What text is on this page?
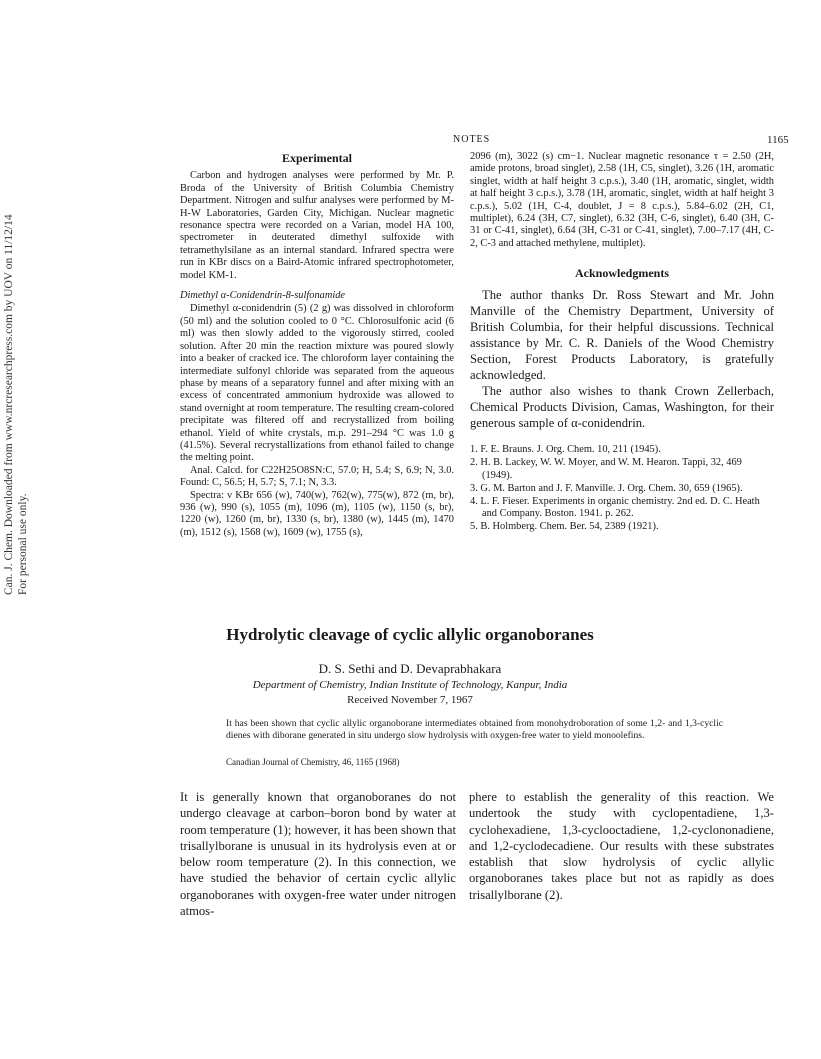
Can. J. Chem. Downloaded from www.nrcresearchpress.com by UOV on 11/12/14 For personal use only.
NOTES	1165
Experimental

Carbon and hydrogen analyses were performed by Mr. P. Broda of the University of British Columbia Chemistry Department. Nitrogen and sulfur analyses were performed by M-H-W Laboratories, Garden City, Michigan. Nuclear magnetic resonance spectra were recorded on a Varian, model HA 100, spectrometer in deuterated dimethyl sulfoxide with tetramethylsilane as an internal standard. Infrared spectra were run in KBr discs on a Baird-Atomic infrared spectrophotometer, model KM-1.

Dimethyl α-Conidendrin-8-sulfonamide

Dimethyl α-conidendrin (5) (2 g) was dissolved in chloroform (50 ml) and the solution cooled to 0 °C. Chlorosulfonic acid (6 ml) was then slowly added to the vigorously stirred, cooled solution. After 20 min the reaction mixture was poured slowly into a beaker of cracked ice. The chloroform layer containing the intermediate sulfonyl chloride was separated from the aqueous phase by means of a separatory funnel and after mixing with an excess of concentrated ammonium hydroxide was allowed to stand overnight at room temperature. The resulting cream-colored precipitate was filtered off and recrystallized from boiling ethanol. Yield of white crystals, m.p. 291–294 °C was 1.0 g (41.5%). Several recrystallizations from ethanol failed to change the melting point.

Anal. Calcd. for C22H25O8SN:C, 57.0; H, 5.4; S, 6.9; N, 3.0. Found: C, 56.5; H, 5.7; S, 7.1; N, 3.3.

Spectra: ν KBr 656 (w), 740(w), 762(w), 775(w), 872 (m, br), 936 (w), 990 (s), 1055 (m), 1096 (m), 1105 (w), 1150 (s, br), 1220 (w), 1260 (m, br), 1330 (s, br), 1380 (w), 1445 (m), 1470 (m), 1512 (s), 1568 (w), 1609 (w), 1755 (s),

2096 (m), 3022 (s) cm−1. Nuclear magnetic resonance τ = 2.50 (2H, amide protons, broad singlet), 2.58 (1H, C5, singlet), 3.26 (1H, aromatic singlet, width at half height 3 c.p.s.), 3.40 (1H, aromatic, singlet, width at half height 3 c.p.s.), 3.78 (1H, aromatic, singlet, width at half height 3 c.p.s.), 5.02 (1H, C-4, doublet, J = 8 c.p.s.), 5.84–6.02 (2H, C1, multiplet), 6.24 (3H, C7, singlet), 6.32 (3H, C-6, singlet), 6.40 (3H, C-31 or C-41, singlet), 6.64 (3H, C-31 or C-41, singlet), 7.00–7.17 (4H, C-2, C-3 and attached methylene, multiplet).

Acknowledgments

The author thanks Dr. Ross Stewart and Mr. John Manville of the Chemistry Department, University of British Columbia, for their helpful discussions. Technical assistance by Mr. C. R. Daniels of the Wood Chemistry Section, Forest Products Laboratory, is gratefully acknowledged.

The author also wishes to thank Crown Zellerbach, Chemical Products Division, Camas, Washington, for their generous sample of α-conidendrin.

1. F. E. Brauns. J. Org. Chem. 10, 211 (1945).
2. H. B. Lackey, W. W. Moyer, and W. M. Hearon. Tappi, 32, 469 (1949).
3. G. M. Barton and J. F. Manville. J. Org. Chem. 30, 659 (1965).
4. L. F. Fieser. Experiments in organic chemistry. 2nd ed. D. C. Heath and Company. Boston. 1941. p. 262.
5. B. Holmberg. Chem. Ber. 54, 2389 (1921).
Hydrolytic cleavage of cyclic allylic organoboranes
D. S. Sethi and D. Devaprabhakara
Department of Chemistry, Indian Institute of Technology, Kanpur, India
Received November 7, 1967
It has been shown that cyclic allylic organoborane intermediates obtained from monohydroboration of some 1,2- and 1,3-cyclic dienes with diborane generated in situ undergo slow hydrolysis with oxygen-free water to yield monoolefins.
Canadian Journal of Chemistry, 46, 1165 (1968)
It is generally known that organoboranes do not undergo cleavage at carbon–boron bond by water at room temperature (1); however, it has been shown that trisallylborane is unusual in its hydrolysis even at or below room temperature (2). In this connection, we have studied the behavior of certain cyclic allylic organoboranes with oxygen-free water under nitrogen atmos-
phere to establish the generality of this reaction. We undertook the study with cyclopentadiene, 1,3-cyclohexadiene, 1,3-cyclooctadiene, 1,2-cyclononadiene, and 1,2-cyclodecadiene. Our results with these substrates establish that slow hydrolysis of cyclic allylic organoboranes takes place but not as rapidly as does trisallylborane (2).
